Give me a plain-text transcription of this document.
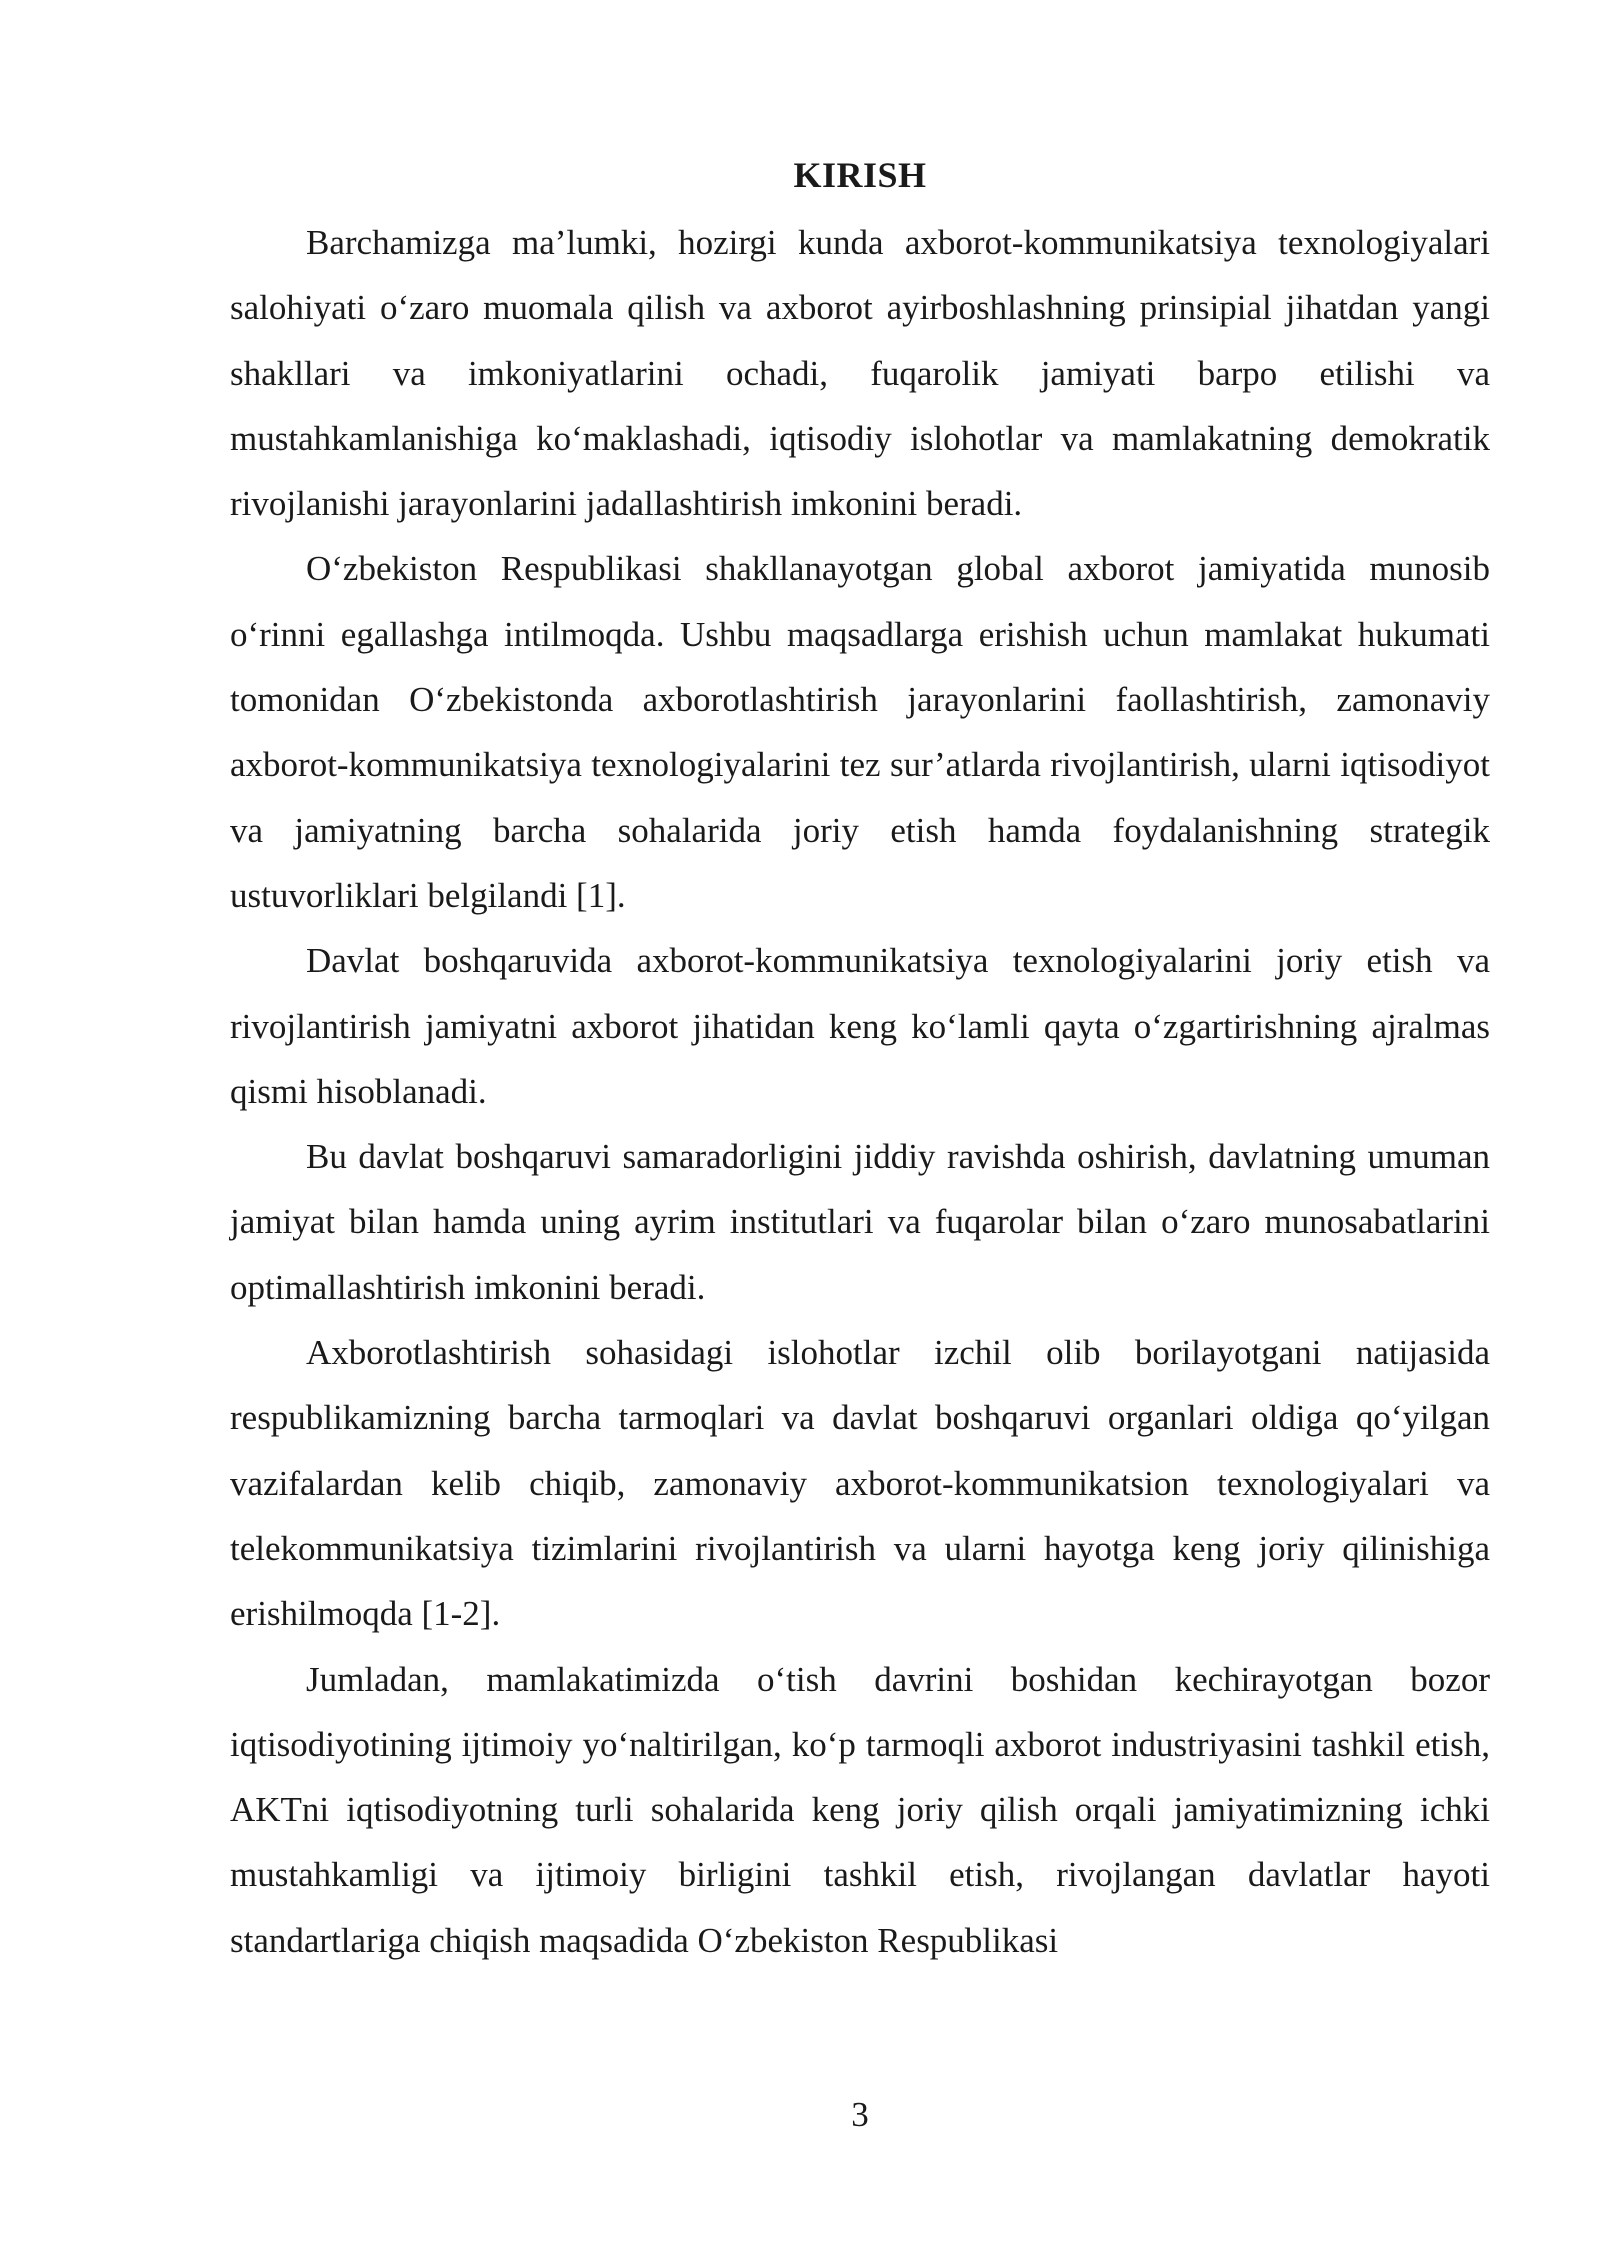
KIRISH

Barchamizga ma’lumki, hozirgi kunda axborot-kommunikatsiya texnologiyalari salohiyati o‘zaro muomala qilish va axborot ayirboshlashning prinsipial jihatdan yangi shakllari va imkoniyatlarini ochadi, fuqarolik jamiyati barpo etilishi va mustahkamlanishiga ko‘maklashadi, iqtisodiy islohotlar va mamlakatning demokratik rivojlanishi jarayonlarini jadallashtirish imkonini beradi.

O‘zbekiston Respublikasi shakllanayotgan global axborot jamiyatida munosib o‘rinni egallashga intilmoqda. Ushbu maqsadlarga erishish uchun mamlakat hukumati tomonidan O‘zbekistonda axborotlashtirish jarayonlarini faollashtirish, zamonaviy axborot-kommunikatsiya texnologiyalarini tez sur’atlarda rivojlantirish, ularni iqtisodiyot va jamiyatning barcha sohalarida joriy etish hamda foydalanishning strategik ustuvorliklari belgilandi [1].

Davlat boshqaruvida axborot-kommunikatsiya texnologiyalarini joriy etish va rivojlantirish jamiyatni axborot jihatidan keng ko‘lamli qayta o‘zgartirishning ajralmas qismi hisoblanadi.

Bu davlat boshqaruvi samaradorligini jiddiy ravishda oshirish, davlatning umuman jamiyat bilan hamda uning ayrim institutlari va fuqarolar bilan o‘zaro munosabatlarini optimallashtirish imkonini beradi.

Axborotlashtirish sohasidagi islohotlar izchil olib borilayotgani natijasida respublikamizning barcha tarmoqlari va davlat boshqaruvi organlari oldiga qo‘yilgan vazifalardan kelib chiqib, zamonaviy axborot-kommunikatsion texnologiyalari va telekommunikatsiya tizimlarini rivojlantirish va ularni hayotga keng joriy qilinishiga erishilmoqda [1-2].

Jumladan, mamlakatimizda o‘tish davrini boshidan kechirayotgan bozor iqtisodiyotining ijtimoiy yo‘naltirilgan, ko‘p tarmoqli axborot industriyasini tashkil etish, AKTni iqtisodiyotning turli sohalarida keng joriy qilish orqali jamiyatimizning ichki mustahkamligi va ijtimoiy birligini tashkil etish, rivojlangan davlatlar hayoti standartlariga chiqish maqsadida O‘zbekiston Respublikasi

3
